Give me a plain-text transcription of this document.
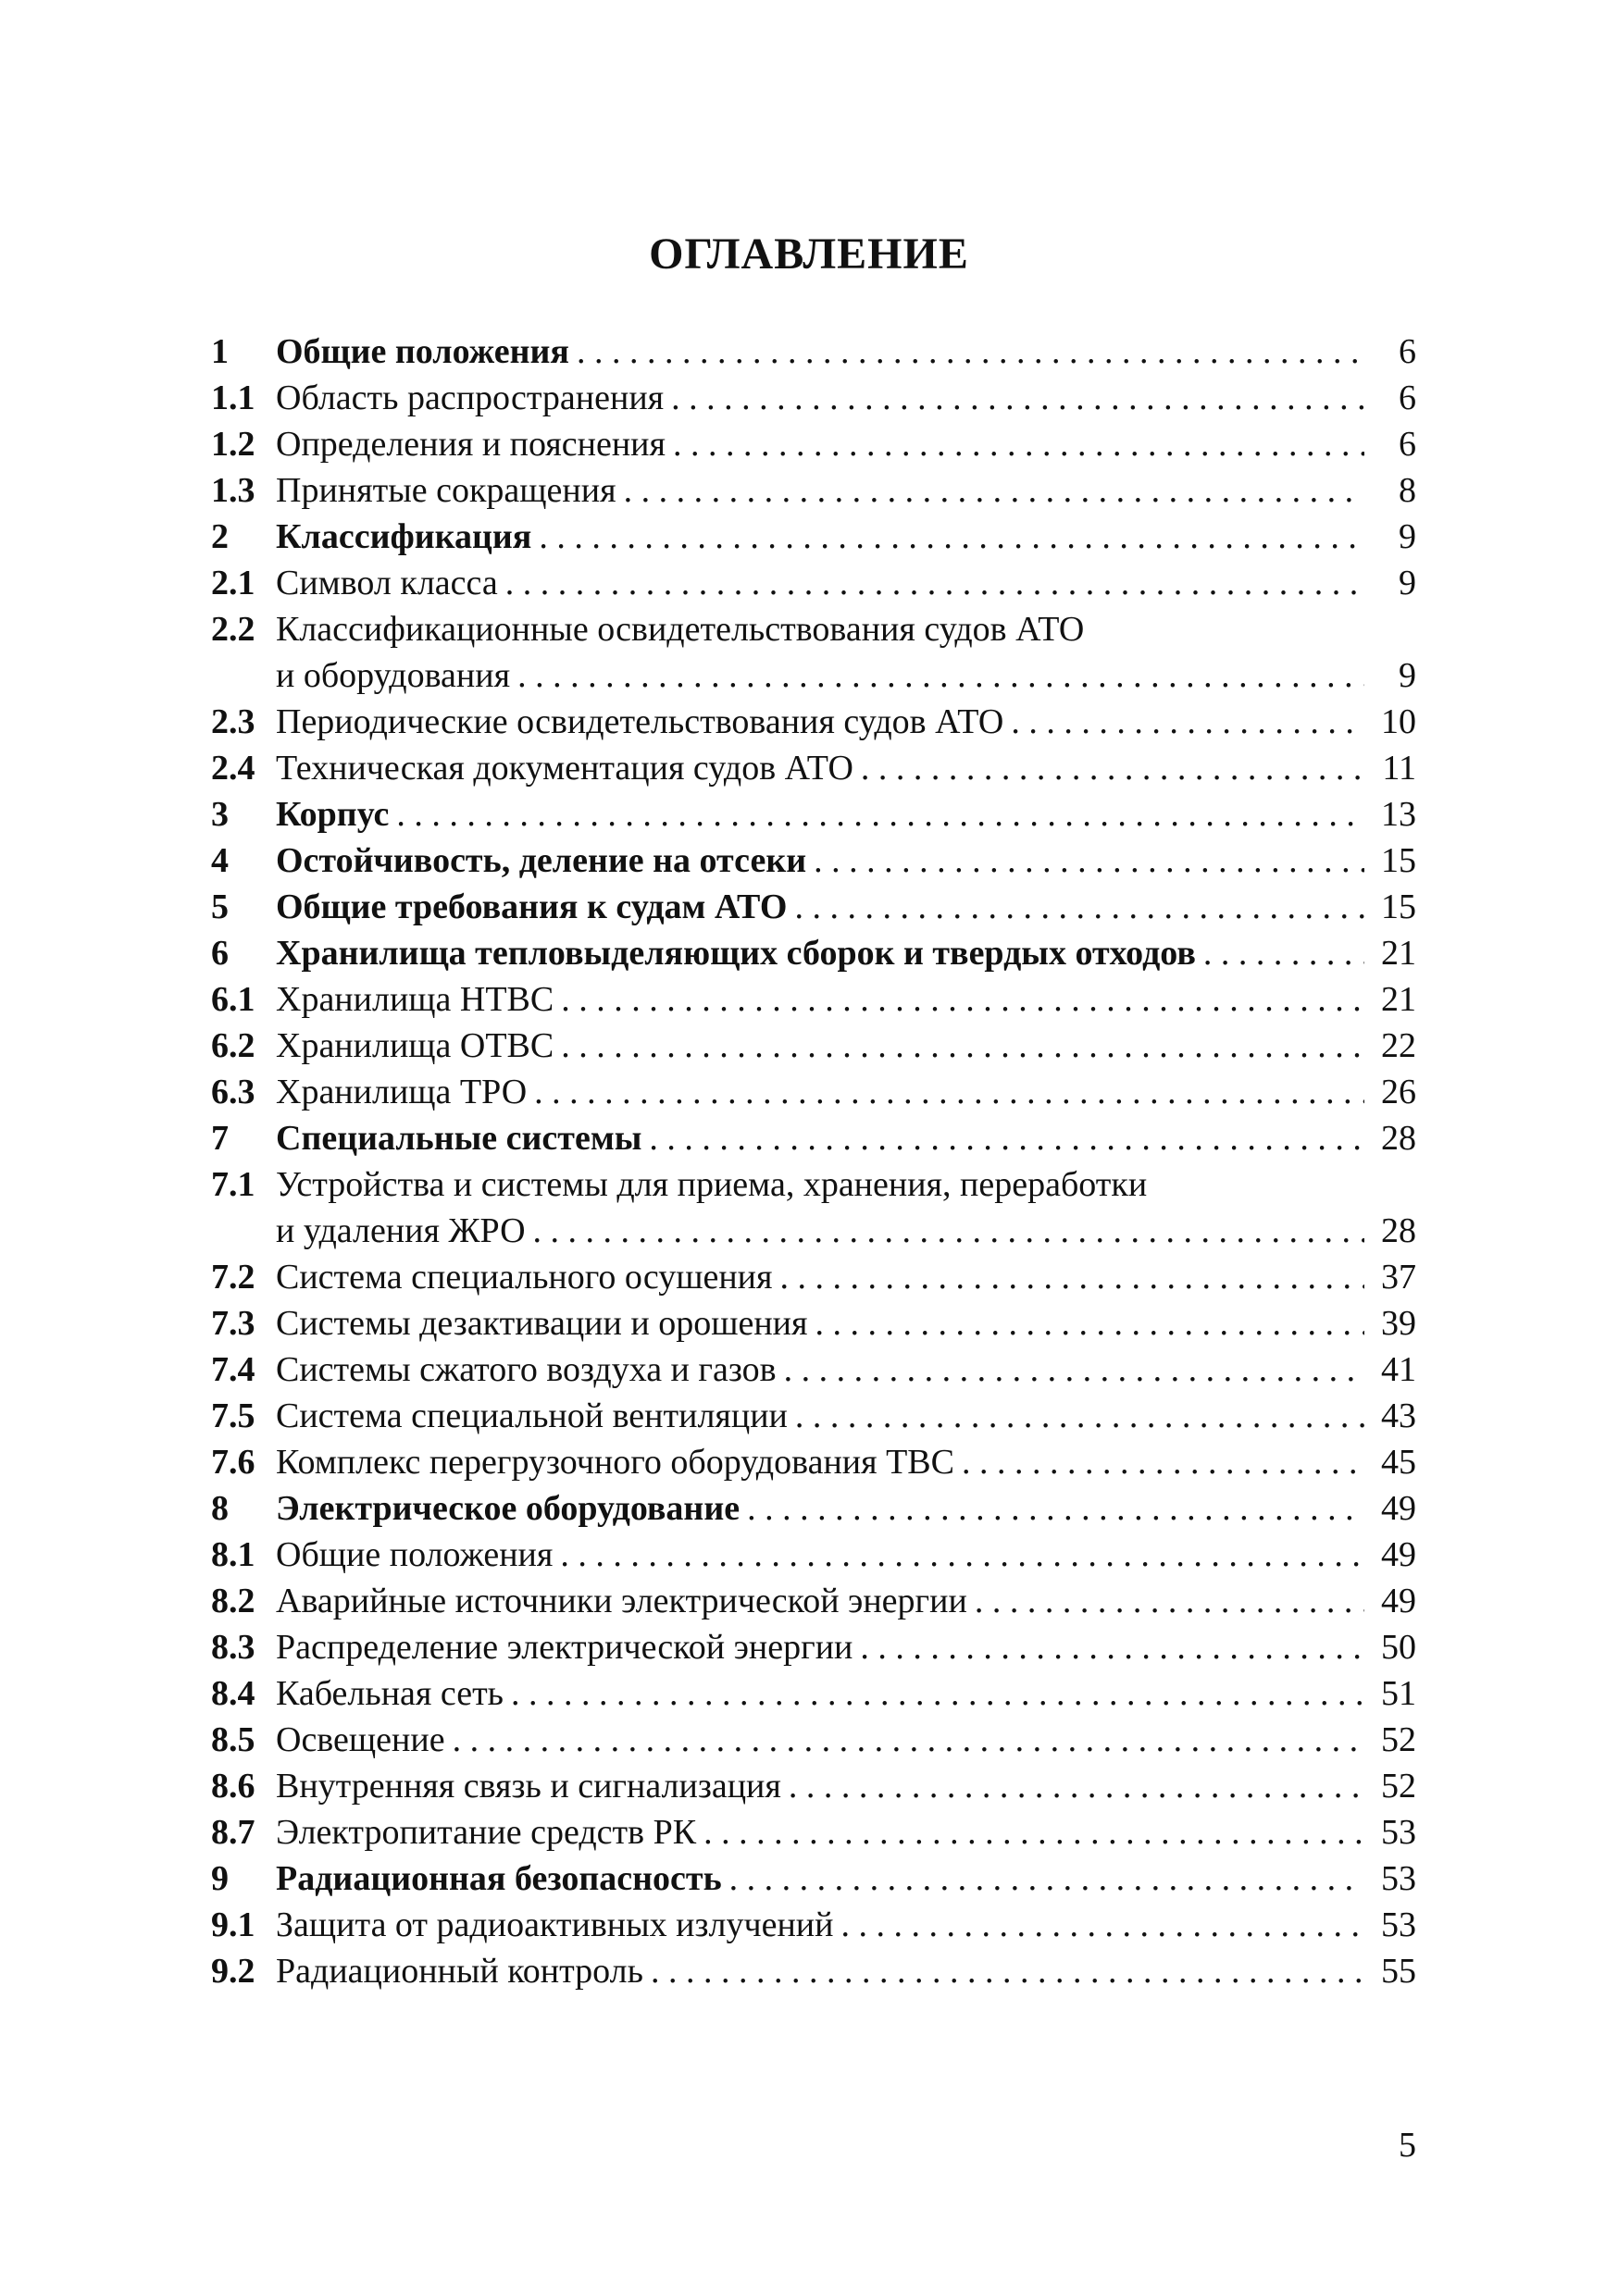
ОГЛАВЛЕНИЕ
1	Общие положения . . .	6
1.1 Область распространения . . .	6
1.2 Определения и пояснения . . .	6
1.3 Принятые сокращения . . .	8
2	Классификация . . .	9
2.1 Символ класса . . .	9
2.2 Классификационные освидетельствования судов АТО
и оборудования . . .	9
2.3 Периодические освидетельствования судов АТО . . .	10
2.4 Техническая документация судов АТО . . .	11
3	Корпус . . .	13
4	Остойчивость, деление на отсеки . . .	15
5	Общие требования к судам АТО . . .	15
6	Хранилища тепловыделяющих сборок и твердых отходов . . .	21
6.1 Хранилища НТВС . . .	21
6.2 Хранилища ОТВС . . .	22
6.3 Хранилища ТРО . . .	26
7	Специальные системы . . .	28
7.1 Устройства и системы для приема, хранения, переработки
и удаления ЖРО . . .	28
7.2 Система специального осушения . . .	37
7.3 Системы дезактивации и орошения . . .	39
7.4 Системы сжатого воздуха и газов . . .	41
7.5 Система специальной вентиляции . . .	43
7.6 Комплекс перегрузочного оборудования ТВС . . .	45
8	Электрическое оборудование . . .	49
8.1 Общие положения . . .	49
8.2 Аварийные источники электрической энергии . . .	49
8.3 Распределение электрической энергии . . .	50
8.4 Кабельная сеть . . .	51
8.5 Освещение . . .	52
8.6 Внутренняя связь и сигнализация . . .	52
8.7 Электропитание средств РК . . .	53
9	Радиационная безопасность . . .	53
9.1 Защита от радиоактивных излучений . . .	53
9.2 Радиационный контроль . . .	55
5
